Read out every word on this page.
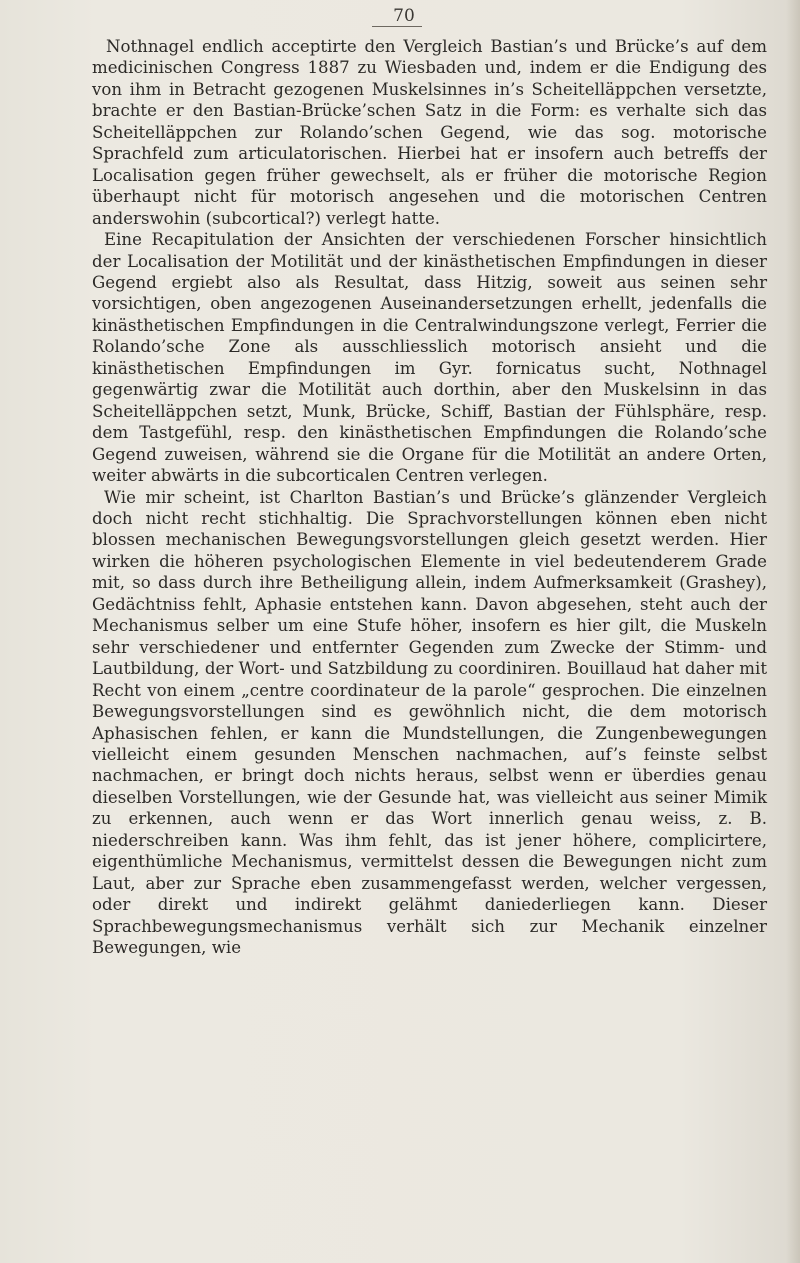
70

Nothnagel endlich acceptirte den Vergleich Bastian’s und Brücke’s auf dem medicinischen Congress 1887 zu Wiesbaden und, indem er die Endigung des von ihm in Betracht gezogenen Muskelsinnes in’s Scheitelläppchen versetzte, brachte er den Bastian-Brücke’schen Satz in die Form: es verhalte sich das Scheitelläppchen zur Rolando’schen Gegend, wie das sog. motorische Sprachfeld zum articulatorischen. Hierbei hat er insofern auch betreffs der Localisation gegen früher gewechselt, als er früher die motorische Region überhaupt nicht für motorisch angesehen und die motorischen Centren anderswohin (subcortical?) verlegt hatte.

Eine Recapitulation der Ansichten der verschiedenen Forscher hinsichtlich der Localisation der Motilität und der kinästhetischen Empfindungen in dieser Gegend ergiebt also als Resultat, dass Hitzig, soweit aus seinen sehr vorsichtigen, oben angezogenen Auseinandersetzungen erhellt, jedenfalls die kinästhetischen Empfindungen in die Centralwindungszone verlegt, Ferrier die Rolando’sche Zone als ausschliesslich motorisch ansieht und die kinästhetischen Empfindungen im Gyr. fornicatus sucht, Nothnagel gegenwärtig zwar die Motilität auch dorthin, aber den Muskelsinn in das Scheitelläppchen setzt, Munk, Brücke, Schiff, Bastian der Fühlsphäre, resp. dem Tastgefühl, resp. den kinästhetischen Empfindungen die Rolando’sche Gegend zuweisen, während sie die Organe für die Motilität an andere Orten, weiter abwärts in die subcorticalen Centren verlegen.

Wie mir scheint, ist Charlton Bastian’s und Brücke’s glänzender Vergleich doch nicht recht stichhaltig. Die Sprachvorstellungen können eben nicht blossen mechanischen Bewegungsvorstellungen gleich gesetzt werden. Hier wirken die höheren psychologischen Elemente in viel bedeutenderem Grade mit, so dass durch ihre Betheiligung allein, indem Aufmerksamkeit (Grashey), Gedächtniss fehlt, Aphasie entstehen kann. Davon abgesehen, steht auch der Mechanismus selber um eine Stufe höher, insofern es hier gilt, die Muskeln sehr verschiedener und entfernter Gegenden zum Zwecke der Stimm- und Lautbildung, der Wort- und Satzbildung zu coordiniren. Bouillaud hat daher mit Recht von einem „centre coordinateur de la parole“ gesprochen. Die einzelnen Bewegungsvorstellungen sind es gewöhnlich nicht, die dem motorisch Aphasischen fehlen, er kann die Mundstellungen, die Zungenbewegungen vielleicht einem gesunden Menschen nachmachen, auf’s feinste selbst nachmachen, er bringt doch nichts heraus, selbst wenn er überdies genau dieselben Vorstellungen, wie der Gesunde hat, was vielleicht aus seiner Mimik zu erkennen, auch wenn er das Wort innerlich genau weiss, z. B. niederschreiben kann. Was ihm fehlt, das ist jener höhere, complicirtere, eigenthümliche Mechanismus, vermittelst dessen die Bewegungen nicht zum Laut, aber zur Sprache eben zusammengefasst werden, welcher vergessen, oder direkt und indirekt gelähmt daniederliegen kann. Dieser Sprachbewegungsmechanismus verhält sich zur Mechanik einzelner Bewegungen, wie
